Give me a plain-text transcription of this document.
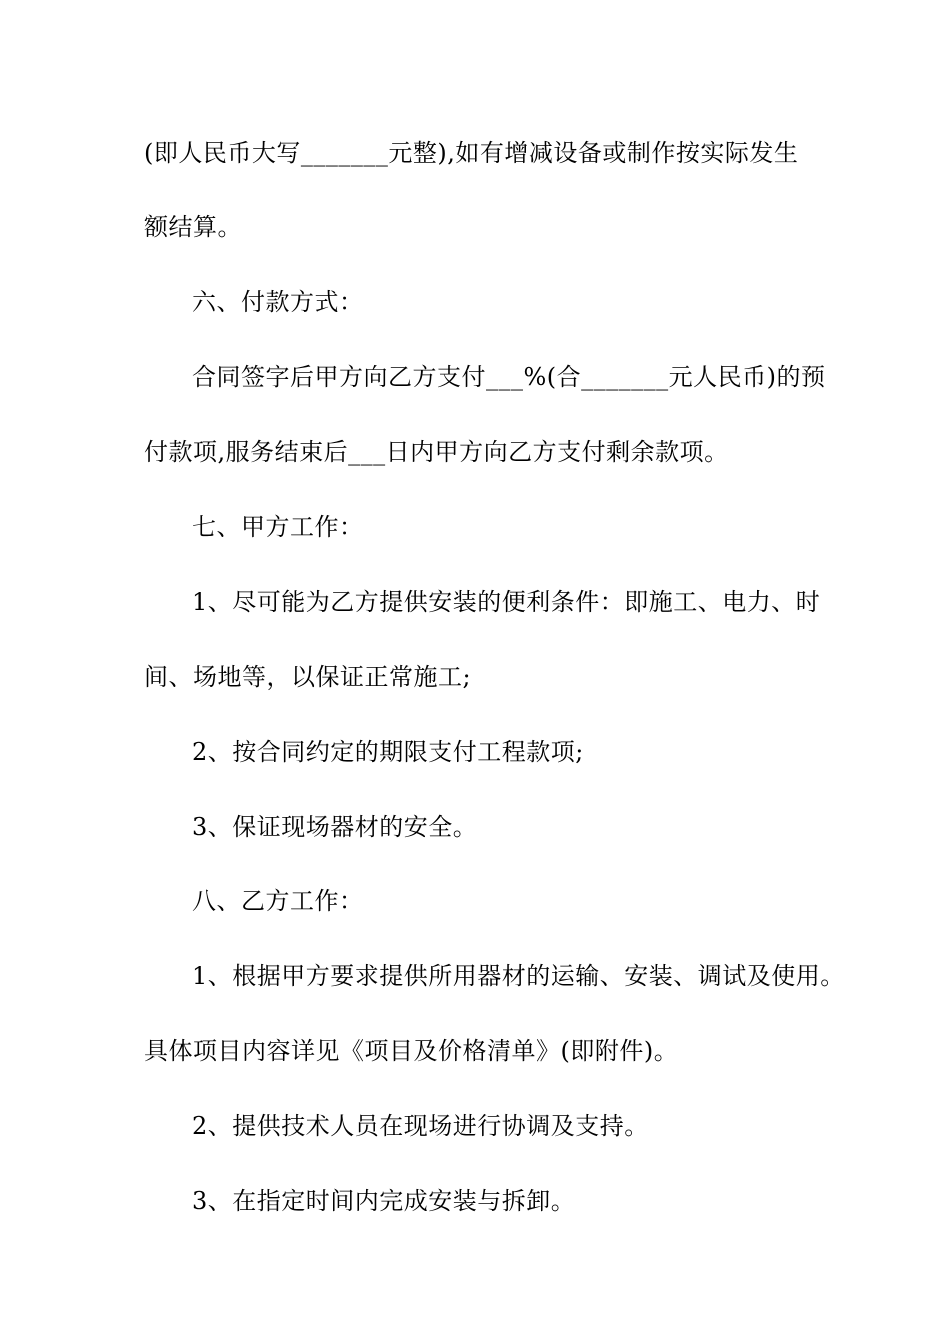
(即人民币大写_______元整),如有增减设备或制作按实际发生
额结算。
六、付款方式：
合同签字后甲方向乙方支付___%(合_______元人民币)的预
付款项,服务结束后___日内甲方向乙方支付剩余款项。
七、甲方工作：
1、尽可能为乙方提供安装的便利条件：即施工、电力、时
间、场地等，以保证正常施工;
2、按合同约定的期限支付工程款项;
3、保证现场器材的安全。
八、乙方工作：
1、根据甲方要求提供所用器材的运输、安装、调试及使用。
具体项目内容详见《项目及价格清单》(即附件)。
2、提供技术人员在现场进行协调及支持。
3、在指定时间内完成安装与拆卸。
